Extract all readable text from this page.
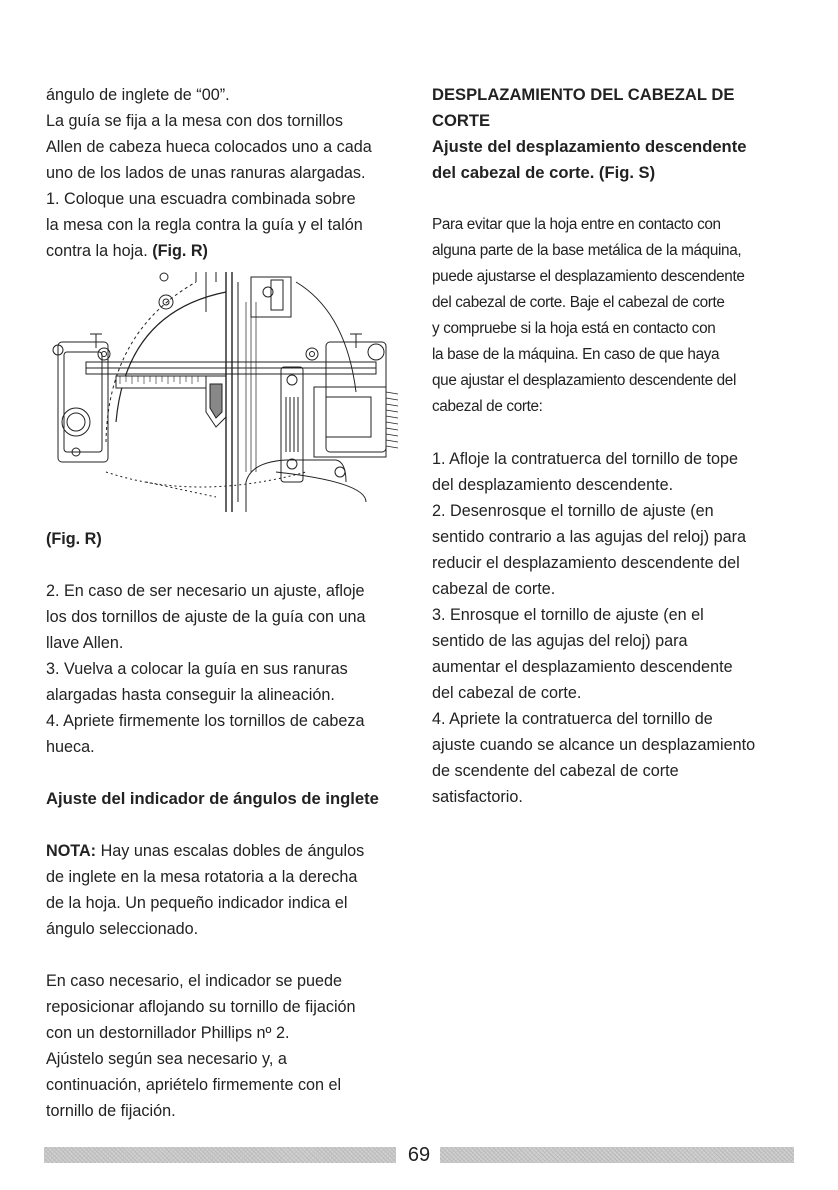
ángulo de inglete de “00”.

La guía se fija a la mesa con dos tornillos

Allen de cabeza hueca colocados uno a cada

uno de los lados de unas ranuras alargadas.

1. Coloque una escuadra combinada sobre

la mesa con la regla contra la guía y el talón

contra la hoja. (Fig. R)

(Fig. R)

2. En caso de ser necesario un ajuste, afloje

los dos tornillos de ajuste de la guía con una

llave Allen.

3. Vuelva a colocar la guía en sus ranuras

alargadas hasta conseguir la alineación.

4. Apriete firmemente los tornillos de cabeza

hueca.

Ajuste del indicador de ángulos de inglete

NOTA: Hay unas escalas dobles de ángulos

de inglete en la mesa rotatoria a la derecha

de la hoja. Un pequeño indicador indica el

ángulo seleccionado.

En caso necesario, el indicador se puede

reposicionar aflojando su tornillo de fijación

con un destornillador Phillips nº 2.

Ajústelo según sea necesario y, a

continuación, apriételo firmemente con el

tornillo de fijación.

DESPLAZAMIENTO DEL CABEZAL DE

CORTE

Ajuste del desplazamiento descendente

del cabezal de corte. (Fig. S)

Para evitar que la hoja entre en contacto con

alguna parte de la base metálica de la máquina,

puede ajustarse el desplazamiento descendente

del cabezal de corte. Baje el cabezal de corte

y compruebe si la hoja está en contacto con

la base de la máquina. En caso de que haya

que ajustar el desplazamiento descendente del

cabezal de corte:

1. Afloje la contratuerca del tornillo de tope

del desplazamiento descendente.

2. Desenrosque el tornillo de ajuste (en

sentido contrario a las agujas del reloj) para

reducir el desplazamiento descendente del

cabezal de corte.

3. Enrosque el tornillo de ajuste (en el

sentido de las agujas del reloj) para

aumentar el desplazamiento descendente

del cabezal de corte.

4. Apriete la contratuerca del tornillo de

ajuste cuando se alcance un desplazamiento

de scendente del cabezal de corte

satisfactorio.

69
